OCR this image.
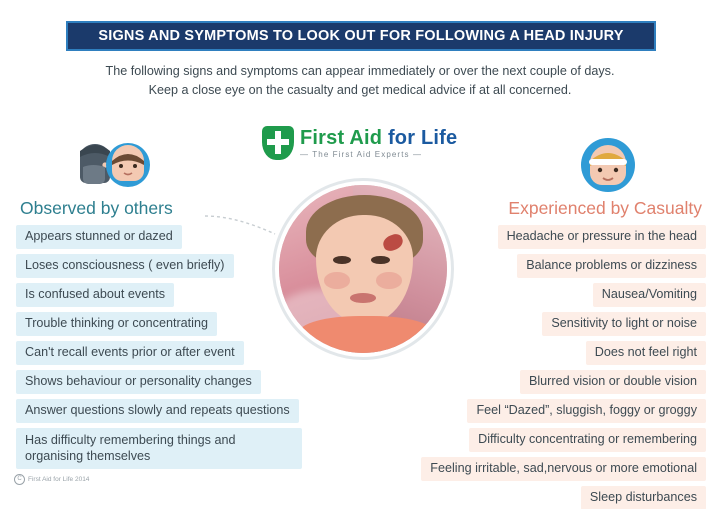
SIGNS AND SYMPTOMS TO LOOK OUT FOR FOLLOWING A HEAD INJURY
The following signs and symptoms can appear immediately or over the next couple of days.
Keep a close eye on the casualty and get medical advice if at all concerned.
First Aid for Life
— The First Aid Experts —
Observed by others	Experienced by Casualty
Appears stunned or dazed
Loses consciousness ( even briefly)
Is confused about events
Trouble thinking or concentrating
Can't recall events prior or after event
Shows behaviour or personality changes
Answer questions slowly and repeats questions
Has difficulty remembering things and organising themselves
Headache or pressure in the head
Balance problems or dizziness
Nausea/Vomiting
Sensitivity to light or noise
Does not feel right
Blurred vision or double vision
Feel “Dazed”, sluggish, foggy or groggy
Difficulty concentrating or remembering
Feeling irritable, sad,nervous or more emotional
Sleep disturbances
C First Aid for Life 2014
